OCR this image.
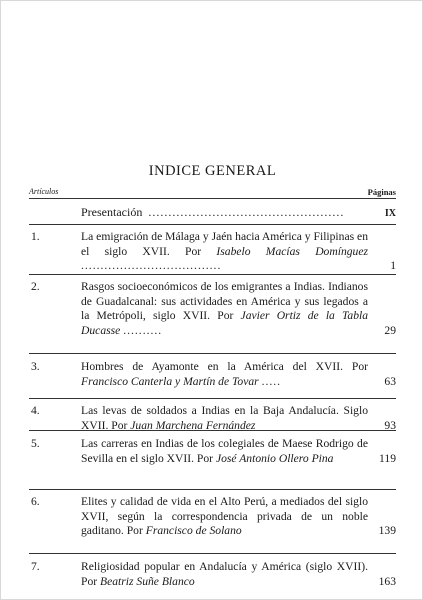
INDICE GENERAL
Artículos	Páginas
Presentación .................................................	IX
1.	La emigración de Málaga y Jaén hacia América y Filipinas en el siglo XVII. Por Isabelo Macías Domínguez ....................................	1
2.	Rasgos socioeconómicos de los emigrantes a Indias. Indianos de Guadalcanal: sus actividades en América y sus legados a la Metrópoli, siglo XVII. Por Javier Ortiz de la Tabla Ducasse ..........	29
3.	Hombres de Ayamonte en la América del XVII. Por Francisco Canterla y Martín de Tovar .....	63
4.	Las levas de soldados a Indias en la Baja Andalucía. Siglo XVII. Por Juan Marchena Fernández	93
5.	Las carreras en Indias de los colegiales de Maese Rodrigo de Sevilla en el siglo XVII. Por José Antonio Ollero Pina	119
6.	Elites y calidad de vida en el Alto Perú, a mediados del siglo XVII, según la correspondencia privada de un noble gaditano. Por Francisco de Solano	139
7.	Religiosidad popular en Andalucía y América (siglo XVII). Por Beatriz Suñe Blanco	163
